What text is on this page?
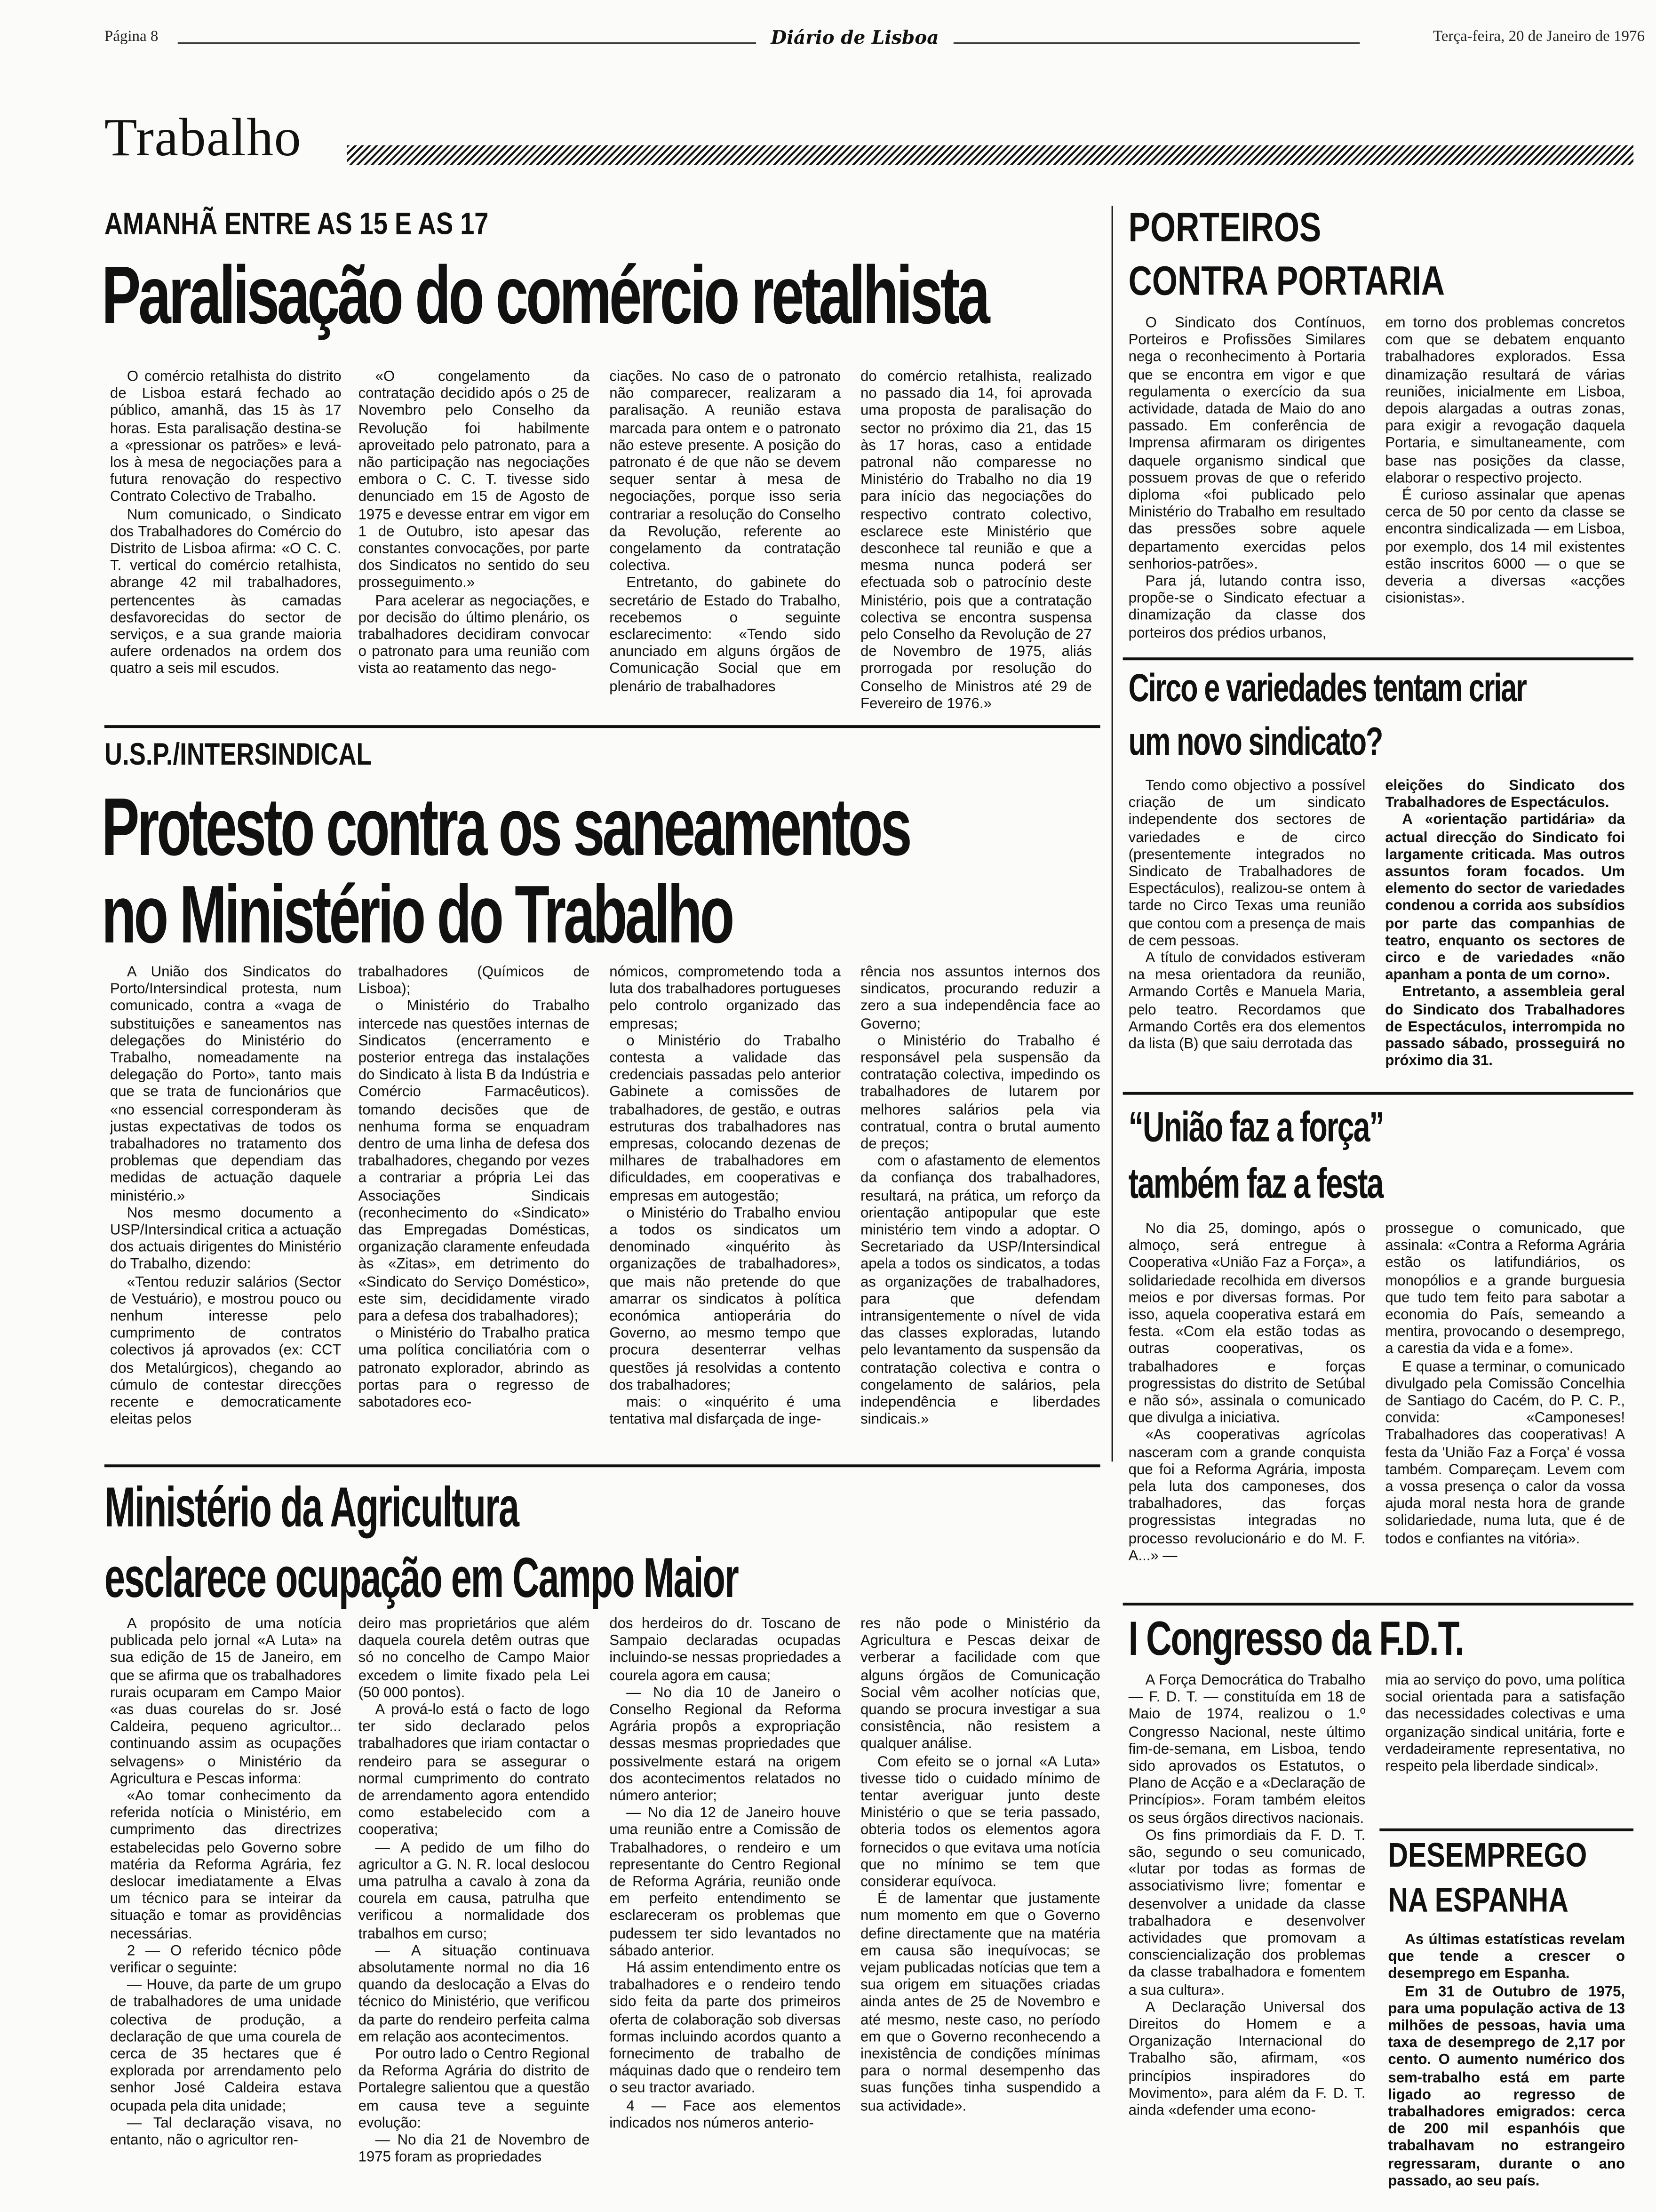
Página 8	Diário de Lisboa	Terça-feira, 20 de Janeiro de 1976
Trabalho
AMANHÃ ENTRE AS 15 E AS 17
Paralisação do comércio retalhista

O comércio retalhista do distrito de Lisboa estará fechado ao público, amanhã, das 15 às 17 horas. Esta paralisação destina-se a «pressionar os patrões» e levá-los à mesa de negociações para a futura renovação do respectivo Contrato Colectivo de Trabalho.

Num comunicado, o Sindicato dos Trabalhadores do Comércio do Distrito de Lisboa afirma: «O C. C. T. vertical do comércio retalhista, abrange 42 mil trabalhadores, pertencentes às camadas desfavorecidas do sector de serviços, e a sua grande maioria aufere ordenados na ordem dos quatro a seis mil escudos.

«O congelamento da contratação decidido após o 25 de Novembro pelo Conselho da Revolução foi habilmente aproveitado pelo patronato, para a não participação nas negociações embora o C. C. T. tivesse sido denunciado em 15 de Agosto de 1975 e devesse entrar em vigor em 1 de Outubro, isto apesar das constantes convocações, por parte dos Sindicatos no sentido do seu prosseguimento.»

Para acelerar as negociações, e por decisão do último plenário, os trabalhadores decidiram convocar o patronato para uma reunião com vista ao reatamento das nego-

ciações. No caso de o patronato não comparecer, realizaram a paralisação. A reunião estava marcada para ontem e o patronato não esteve presente. A posição do patronato é de que não se devem sequer sentar à mesa de negociações, porque isso seria contrariar a resolução do Conselho da Revolução, referente ao congelamento da contratação colectiva.

Entretanto, do gabinete do secretário de Estado do Trabalho, recebemos o seguinte esclarecimento: «Tendo sido anunciado em alguns órgãos de Comunicação Social que em plenário de trabalhadores

do comércio retalhista, realizado no passado dia 14, foi aprovada uma proposta de paralisação do sector no próximo dia 21, das 15 às 17 horas, caso a entidade patronal não comparesse no Ministério do Trabalho no dia 19 para início das negociações do respectivo contrato colectivo, esclarece este Ministério que desconhece tal reunião e que a mesma nunca poderá ser efectuada sob o patrocínio deste Ministério, pois que a contratação colectiva se encontra suspensa pelo Conselho da Revolução de 27 de Novembro de 1975, aliás prorrogada por resolução do Conselho de Ministros até 29 de Fevereiro de 1976.»

PORTEIROS
CONTRA PORTARIA

O Sindicato dos Contínuos, Porteiros e Profissões Similares nega o reconhecimento à Portaria que se encontra em vigor e que regulamenta o exercício da sua actividade, datada de Maio do ano passado. Em conferência de Imprensa afirmaram os dirigentes daquele organismo sindical que possuem provas de que o referido diploma «foi publicado pelo Ministério do Trabalho em resultado das pressões sobre aquele departamento exercidas pelos senhorios-patrões».

Para já, lutando contra isso, propõe-se o Sindicato efectuar a dinamização da classe dos porteiros dos prédios urbanos,

em torno dos problemas concretos com que se debatem enquanto trabalhadores explorados. Essa dinamização resultará de várias reuniões, inicialmente em Lisboa, depois alargadas a outras zonas, para exigir a revogação daquela Portaria, e simultaneamente, com base nas posições da classe, elaborar o respectivo projecto.

É curioso assinalar que apenas cerca de 50 por cento da classe se encontra sindicalizada — em Lisboa, por exemplo, dos 14 mil existentes estão inscritos 6000 — o que se deveria a diversas «acções cisionistas».

Circo e variedades tentam criar
um novo sindicato?

Tendo como objectivo a possível criação de um sindicato independente dos sectores de variedades e de circo (presentemente integrados no Sindicato de Trabalhadores de Espectáculos), realizou-se ontem à tarde no Circo Texas uma reunião que contou com a presença de mais de cem pessoas.

A título de convidados estiveram na mesa orientadora da reunião, Armando Cortês e Manuela Maria, pelo teatro. Recordamos que Armando Cortês era dos elementos da lista (B) que saiu derrotada das

eleições do Sindicato dos Trabalhadores de Espectáculos.

A «orientação partidária» da actual direcção do Sindicato foi largamente criticada. Mas outros assuntos foram focados. Um elemento do sector de variedades condenou a corrida aos subsídios por parte das companhias de teatro, enquanto os sectores de circo e de variedades «não apanham a ponta de um corno».

Entretanto, a assembleia geral do Sindicato dos Trabalhadores de Espectáculos, interrompida no passado sábado, prosseguirá no próximo dia 31.

“União faz a força”
também faz a festa

No dia 25, domingo, após o almoço, será entregue à Cooperativa «União Faz a Força», a solidariedade recolhida em diversos meios e por diversas formas. Por isso, aquela cooperativa estará em festa. «Com ela estão todas as outras cooperativas, os trabalhadores e forças progressistas do distrito de Setúbal e não só», assinala o comunicado que divulga a iniciativa.

«As cooperativas agrícolas nasceram com a grande conquista que foi a Reforma Agrária, imposta pela luta dos camponeses, dos trabalhadores, das forças progressistas integradas no processo revolucionário e do M. F. A...» —

prossegue o comunicado, que assinala: «Contra a Reforma Agrária estão os latifundiários, os monopólios e a grande burguesia que tudo tem feito para sabotar a economia do País, semeando a mentira, provocando o desemprego, a carestia da vida e a fome».

E quase a terminar, o comunicado divulgado pela Comissão Concelhia de Santiago do Cacém, do P. C. P., convida: «Camponeses! Trabalhadores das cooperativas! A festa da 'União Faz a Força' é vossa também. Compareçam. Levem com a vossa presença o calor da vossa ajuda moral nesta hora de grande solidariedade, numa luta, que é de todos e confiantes na vitória».

U.S.P./INTERSINDICAL
Protesto contra os saneamentos
no Ministério do Trabalho

A União dos Sindicatos do Porto/Intersindical protesta, num comunicado, contra a «vaga de substituições e saneamentos nas delegações do Ministério do Trabalho, nomeadamente na delegação do Porto», tanto mais que se trata de funcionários que «no essencial corresponderam às justas expectativas de todos os trabalhadores no tratamento dos problemas que dependiam das medidas de actuação daquele ministério.»

Nos mesmo documento a USP/Intersindical critica a actuação dos actuais dirigentes do Ministério do Trabalho, dizendo:

«Tentou reduzir salários (Sector de Vestuário), e mostrou pouco ou nenhum interesse pelo cumprimento de contratos colectivos já aprovados (ex: CCT dos Metalúrgicos), chegando ao cúmulo de contestar direcções recente e democraticamente eleitas pelos

trabalhadores (Químicos de Lisboa);

o Ministério do Trabalho intercede nas questões internas de Sindicatos (encerramento e posterior entrega das instalações do Sindicato à lista B da Indústria e Comércio Farmacêuticos). tomando decisões que de nenhuma forma se enquadram dentro de uma linha de defesa dos trabalhadores, chegando por vezes a contrariar a própria Lei das Associações Sindicais (reconhecimento do «Sindicato» das Empregadas Domésticas, organização claramente enfeudada às «Zitas», em detrimento do «Sindicato do Serviço Doméstico», este sim, decididamente virado para a defesa dos trabalhadores);

o Ministério do Trabalho pratica uma política conciliatória com o patronato explorador, abrindo as portas para o regresso de sabotadores eco-

nómicos, comprometendo toda a luta dos trabalhadores portugueses pelo controlo organizado das empresas;

o Ministério do Trabalho contesta a validade das credenciais passadas pelo anterior Gabinete a comissões de trabalhadores, de gestão, e outras estruturas dos trabalhadores nas empresas, colocando dezenas de milhares de trabalhadores em dificuldades, em cooperativas e empresas em autogestão;

o Ministério do Trabalho enviou a todos os sindicatos um denominado «inquérito às organizações de trabalhadores», que mais não pretende do que amarrar os sindicatos à política económica antioperária do Governo, ao mesmo tempo que procura desenterrar velhas questões já resolvidas a contento dos trabalhadores;

mais: o «inquérito é uma tentativa mal disfarçada de inge-

rência nos assuntos internos dos sindicatos, procurando reduzir a zero a sua independência face ao Governo;

o Ministério do Trabalho é responsável pela suspensão da contratação colectiva, impedindo os trabalhadores de lutarem por melhores salários pela via contratual, contra o brutal aumento de preços;

com o afastamento de elementos da confiança dos trabalhadores, resultará, na prática, um reforço da orientação antipopular que este ministério tem vindo a adoptar. O Secretariado da USP/Intersindical apela a todos os sindicatos, a todas as organizações de trabalhadores, para que defendam intransigentemente o nível de vida das classes exploradas, lutando pelo levantamento da suspensão da contratação colectiva e contra o congelamento de salários, pela independência e liberdades sindicais.»

Ministério da Agricultura
esclarece ocupação em Campo Maior

A propósito de uma notícia publicada pelo jornal «A Luta» na sua edição de 15 de Janeiro, em que se afirma que os trabalhadores rurais ocuparam em Campo Maior «as duas courelas do sr. José Caldeira, pequeno agricultor... continuando assim as ocupações selvagens» o Ministério da Agricultura e Pescas informa:

«Ao tomar conhecimento da referida notícia o Ministério, em cumprimento das directrizes estabelecidas pelo Governo sobre matéria da Reforma Agrária, fez deslocar imediatamente a Elvas um técnico para se inteirar da situação e tomar as providências necessárias.

2 — O referido técnico pôde verificar o seguinte:

— Houve, da parte de um grupo de trabalhadores de uma unidade colectiva de produção, a declaração de que uma courela de cerca de 35 hectares que é explorada por arrendamento pelo senhor José Caldeira estava ocupada pela dita unidade;

— Tal declaração visava, no entanto, não o agricultor ren-

deiro mas proprietários que além daquela courela detêm outras que só no concelho de Campo Maior excedem o limite fixado pela Lei (50 000 pontos).

A prová-lo está o facto de logo ter sido declarado pelos trabalhadores que iriam contactar o rendeiro para se assegurar o normal cumprimento do contrato de arrendamento agora entendido como estabelecido com a cooperativa;

— A pedido de um filho do agricultor a G. N. R. local deslocou uma patrulha a cavalo à zona da courela em causa, patrulha que verificou a normalidade dos trabalhos em curso;

— A situação continuava absolutamente normal no dia 16 quando da deslocação a Elvas do técnico do Ministério, que verificou da parte do rendeiro perfeita calma em relação aos acontecimentos.

Por outro lado o Centro Regional da Reforma Agrária do distrito de Portalegre salientou que a questão em causa teve a seguinte evolução:

— No dia 21 de Novembro de 1975 foram as propriedades

dos herdeiros do dr. Toscano de Sampaio declaradas ocupadas incluindo-se nessas propriedades a courela agora em causa;

— No dia 10 de Janeiro o Conselho Regional da Reforma Agrária propôs a expropriação dessas mesmas propriedades que possivelmente estará na origem dos acontecimentos relatados no número anterior;

— No dia 12 de Janeiro houve uma reunião entre a Comissão de Trabalhadores, o rendeiro e um representante do Centro Regional de Reforma Agrária, reunião onde em perfeito entendimento se esclareceram os problemas que pudessem ter sido levantados no sábado anterior.

Há assim entendimento entre os trabalhadores e o rendeiro tendo sido feita da parte dos primeiros oferta de colaboração sob diversas formas incluindo acordos quanto a fornecimento de trabalho de máquinas dado que o rendeiro tem o seu tractor avariado.

4 — Face aos elementos indicados nos números anterio-

res não pode o Ministério da Agricultura e Pescas deixar de verberar a facilidade com que alguns órgãos de Comunicação Social vêm acolher notícias que, quando se procura investigar a sua consistência, não resistem a qualquer análise.

Com efeito se o jornal «A Luta» tivesse tido o cuidado mínimo de tentar averiguar junto deste Ministério o que se teria passado, obteria todos os elementos agora fornecidos o que evitava uma notícia que no mínimo se tem que considerar equívoca.

É de lamentar que justamente num momento em que o Governo define directamente que na matéria em causa são inequívocas; se vejam publicadas notícias que tem a sua origem em situações criadas ainda antes de 25 de Novembro e até mesmo, neste caso, no período em que o Governo reconhecendo a inexistência de condições mínimas para o normal desempenho das suas funções tinha suspendido a sua actividade».

I Congresso da F.D.T.

A Força Democrática do Trabalho — F. D. T. — constituída em 18 de Maio de 1974, realizou o 1.º Congresso Nacional, neste último fim-de-semana, em Lisboa, tendo sido aprovados os Estatutos, o Plano de Acção e a «Declaração de Princípios». Foram também eleitos os seus órgãos directivos nacionais.

Os fins primordiais da F. D. T. são, segundo o seu comunicado, «lutar por todas as formas de associativismo livre; fomentar e desenvolver a unidade da classe trabalhadora e desenvolver actividades que promovam a consciencialização dos problemas da classe trabalhadora e fomentem a sua cultura».

A Declaração Universal dos Direitos do Homem e a Organização Internacional do Trabalho são, afirmam, «os princípios inspiradores do Movimento», para além da F. D. T. ainda «defender uma econo-

mia ao serviço do povo, uma política social orientada para a satisfação das necessidades colectivas e uma organização sindical unitária, forte e verdadeiramente representativa, no respeito pela liberdade sindical».

DESEMPREGO
NA ESPANHA

As últimas estatísticas revelam que tende a crescer o desemprego em Espanha.

Em 31 de Outubro de 1975, para uma população activa de 13 milhões de pessoas, havia uma taxa de desemprego de 2,17 por cento. O aumento numérico dos sem-trabalho está em parte ligado ao regresso de trabalhadores emigrados: cerca de 200 mil espanhóis que trabalhavam no estrangeiro regressaram, durante o ano passado, ao seu país.
